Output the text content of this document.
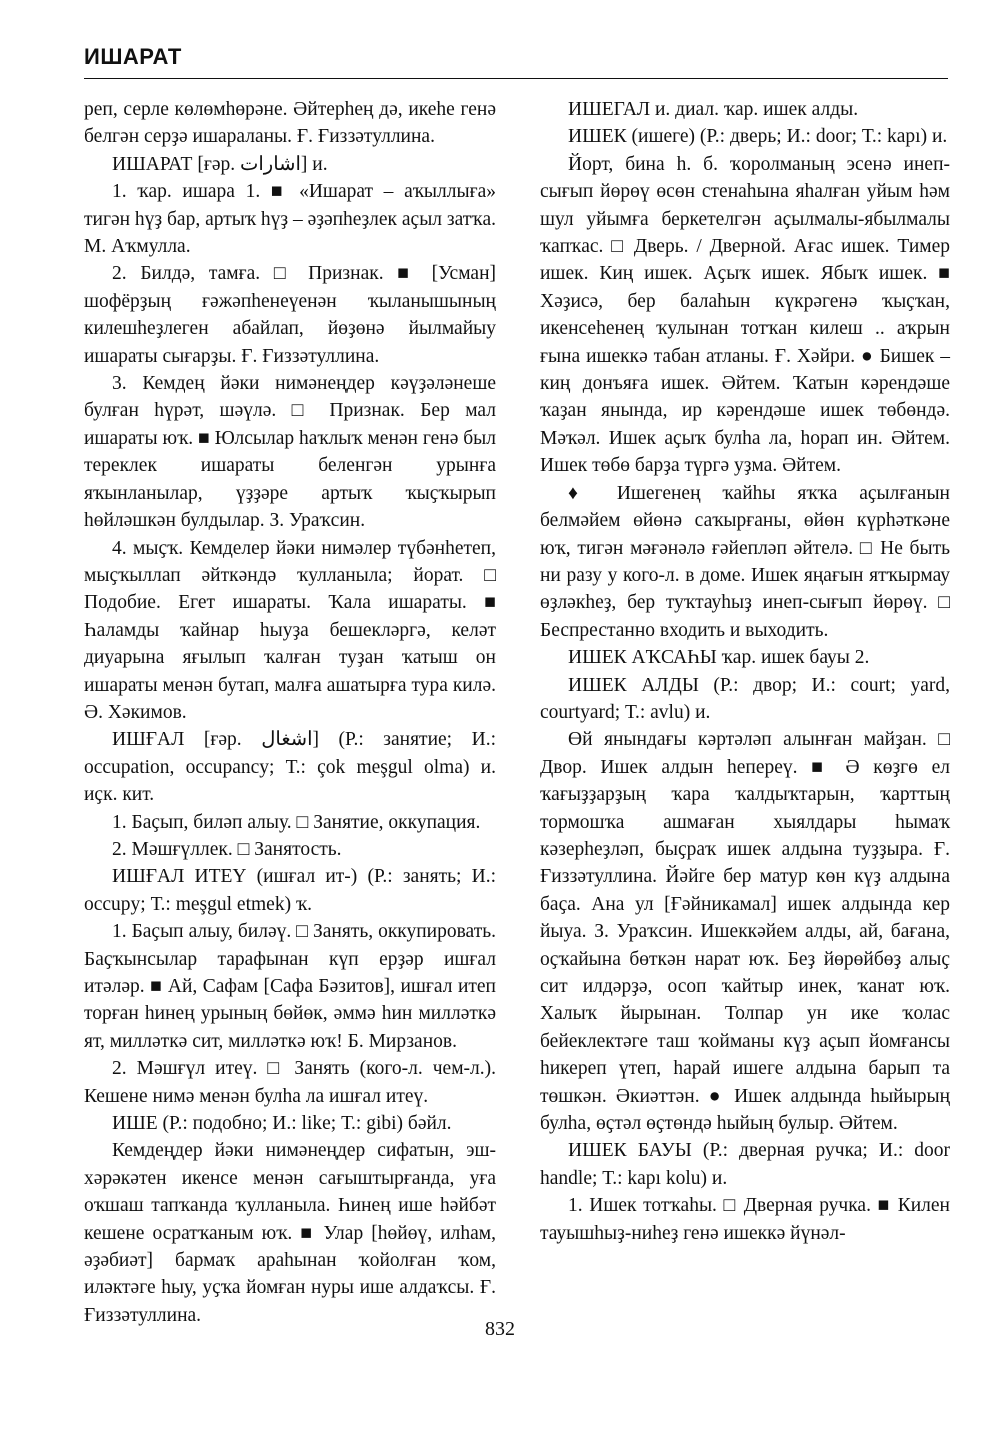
ИШАРАТ

реп, серле көлөмһөрәне. Әйтерһең дә, икеһе генә белгән серҙә ишараланы. Ғ. Ғиззәтуллина.

ИШАРАТ [ғәр. اشارات] и.

1. ҡар. ишара 1. ■ «Ишарат – аҡыллыға» тигән һүҙ бар, артыҡ һүҙ – әҙәпһеҙлек аҫыл затҡа. М. Аҡмулла.

2. Билдә, тамға. □ Признак. ■ [Усман] шофёрҙың ғәжәпһенеүенән ҡыланышының килешһеҙлеген абайлап, йөҙөнә йылмайыу ишараты сығарҙы. Ғ. Ғиззәтуллина.

3. Кемдең йәки нимәнеңдер кәүҙәләнеше булған һүрәт, шәүлә. □ Признак. Бер мал ишараты юҡ. ■ Юлсылар һаҡлыҡ менән генә был тереклек ишараты беленгән урынға яҡынланылар, үҙҙәре артыҡ ҡыҫҡырып һөйләшкән булдылар. З. Ураҡсин.

4. мыҫҡ. Кемделер йәки нимәлер түбәнһетеп, мыҫҡыллап әйткәндә ҡулланыла; йорат. □ Подобие. Егет ишараты. Ҡала ишараты. ■ Һаламды ҡайнар һыуҙа бешекләргә, келәт диуарына яғылып ҡалған туҙан ҡатыш он ишараты менән бутап, малға ашатырға тура килә. Ә. Хәкимов.

ИШҒАЛ [ғәр. اشغال] (Р.: занятие; И.: occupation, occupancy; Т.: çok meşgul olma) и. иҫк. кит.

1. Баҫып, биләп алыу. □ Занятие, оккупация.

2. Мәшғүллек. □ Занятость.

ИШҒАЛ ИТЕҮ (ишғал ит-) (Р.: занять; И.: occupy; Т.: meşgul etmek) ҡ.

1. Баҫып алыу, биләү. □ Занять, оккупировать. Баҫҡынсылар тарафынан күп ерҙәр ишғал итәләр. ■ Ай, Сафам [Сафа Бәзитов], ишғал итеп торған һинең урының бөйөк, әммә һин милләткә ят, милләткә сит, милләткә юҡ! Б. Мирзанов.

2. Мәшғүл итеү. □ Занять (кого-л. чем-л.). Кешене нимә менән булһа ла ишғал итеү.

ИШЕ (Р.: подобно; И.: like; Т.: gibi) бәйл.

Кемдеңдер йәки нимәнеңдер сифатын, эш-хәрәкәтен икенсе менән сағыштырғанда, уға оҡшаш тапҡанда ҡулланыла. Һинең ише һәйбәт кешене осратҡаным юҡ. ■ Улар [һөйөү, илһам, әҙәбиәт] бармаҡ араһынан ҡойолған ҡом, иләктәге һыу, уҫҡа йомған нуры ише алдаҡсы. Ғ. Ғиззәтуллина.

ИШЕГАЛ и. диал. ҡар. ишек алды.

ИШЕК (ишеге) (Р.: дверь; И.: door; Т.: kapı) и.

Йорт, бина һ. б. ҡоролманың эсенә инеп-сығып йөрөү өсөн стенаһына яһалған уйым һәм шул уйымға беркетелгән аҫылмалы-ябылмалы ҡапҡас. □ Дверь. / Дверной. Ағас ишек. Тимер ишек. Киң ишек. Аҫыҡ ишек. Ябыҡ ишек. ■ Хәҙисә, бер балаһын күкрәгенә ҡыҫҡан, икенсеһенең ҡулынан тотҡан килеш .. аҡрын ғына ишеккә табан атланы. Ғ. Хәйри. ● Бишек – киң донъяға ишек. Әйтем. Ҡатын кәрендәше ҡаҙан янында, ир кәрендәше ишек төбөндә. Мәҡәл. Ишек аҫыҡ булһа ла, һорап ин. Әйтем. Ишек төбө барҙа түргә уҙма. Әйтем.

♦ Ишегенең ҡайһы яҡҡа аҫылғанын белмәйем өйөнә саҡырғаны, өйөн күрһәткәне юҡ, тигән мәғәнәлә ғәйепләп әйтелә. □ Не быть ни разу у кого-л. в доме. Ишек яңағын ятҡырмау өҙләкһеҙ, бер туҡтауһыҙ инеп-сығып йөрөү. □ Беспрестанно входить и выходить.

ИШЕК АҠСАҺЫ ҡар. ишек бауы 2.

ИШЕК АЛДЫ (Р.: двор; И.: court; yard, courtyard; Т.: avlu) и.

Өй янындағы кәртәләп алынған майҙан. □ Двор. Ишек алдын һепереү. ■ Ә көҙгө ел ҡағыҙҙарҙың ҡара ҡалдыҡтарын, ҡарттың тормошҡа ашмаған хыялдары һымаҡ кәзерһеҙләп, быҫраҡ ишек алдына туҙҙыра. Ғ. Ғиззәтуллина. Йәйге бер матур көн күҙ алдына баҫа. Ана ул [Ғәйникамал] ишек алдында кер йыуа. З. Ураҡсин. Ишеккәйем алды, ай, бағана, оҫҡайына бөткән нарат юҡ. Беҙ йөрөйбөҙ алыҫ сит илдәрҙә, осоп ҡайтыр инек, ҡанат юҡ. Халыҡ йырынан. Толпар ун ике ҡолас бейеклектәге таш ҡойманы күҙ аҫып йомғансы һикереп үтеп, һарай ишеге алдына барып та төшкән. Әкиәттән. ● Ишек алдында һыйырың булһа, өҫтәл өҫтөндә һыйың булыр. Әйтем.

ИШЕК БАУЫ (Р.: дверная ручка; И.: door handle; Т.: kapı kolu) и.

1. Ишек тотҡаһы. □ Дверная ручка. ■ Килен тауышһыҙ-ниһеҙ генә ишеккә йүнәл-

832
